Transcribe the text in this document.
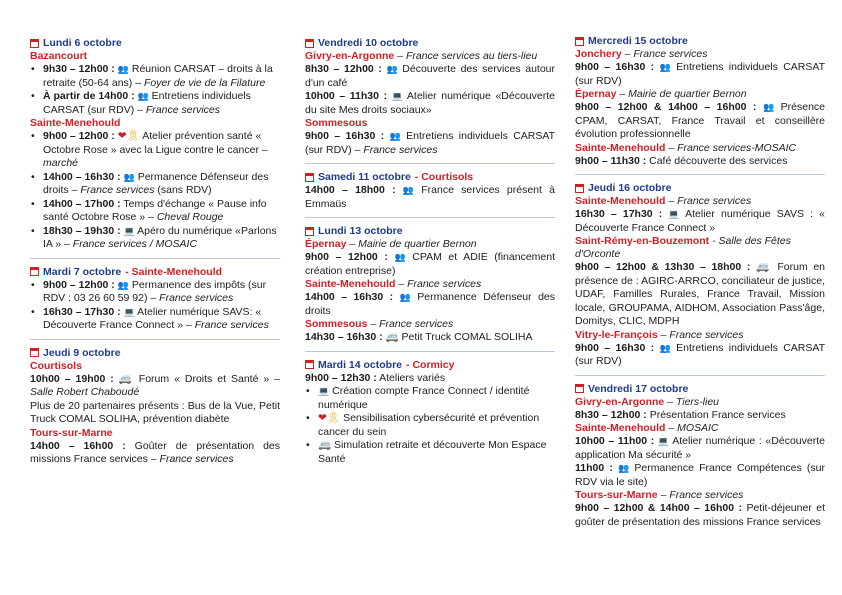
Lundi 6 octobre
Bazancourt
• 9h30 – 12h00 : 👥 Réunion CARSAT – droits à la retraite (50-64 ans) – Foyer de vie de la Filature
• À partir de 14h00 : 👥 Entretiens individuels CARSAT (sur RDV) – France services
Sainte-Menehould
• 9h00 – 12h00 : ❤🎗 Atelier prévention santé « Octobre Rose » avec la Ligue contre le cancer – marché
• 14h00 – 16h30 : 👥 Permanence Défenseur des droits – France services (sans RDV)
• 14h00 – 17h00 : Temps d'échange « Pause info santé Octobre Rose » – Cheval Rouge
• 18h30 – 19h30 : 💻 Apéro du numérique «Parlons IA » – France services / MOSAIC
Mardi 7 octobre - Sainte-Menehould
• 9h00 – 12h00 : 👥 Permanence des impôts (sur RDV : 03 26 60 59 92) – France services
• 16h30 – 17h30 : 💻 Atelier numérique SAVS: « Découverte France Connect » – France services
Jeudi 9 octobre
Courtisols
10h00 – 19h00 : 🚐 Forum « Droits et Santé » – Salle Robert Chaboudé
Plus de 20 partenaires présents : Bus de la Vue, Petit Truck COMAL SOLIHA, prévention diabète
Tours-sur-Marne
14h00 – 16h00 : Goûter de présentation des missions France services – France services
Vendredi 10 octobre
Givry-en-Argonne – France services au tiers-lieu
8h30 – 12h00 : 👥 Découverte des services autour d'un café
10h00 – 11h30 : 💻 Atelier numérique «Découverte du site Mes droits sociaux»
Sommesous
9h00 – 16h30 : 👥 Entretiens individuels CARSAT (sur RDV) – France services
Samedi 11 octobre - Courtisols
14h00 – 18h00 : 👥 France services présent à Emmaüs
Lundi 13 octobre
Épernay – Mairie de quartier Bernon
9h00 – 12h00 : 👥 CPAM et ADIE (financement création entreprise)
Sainte-Menehould – France services
14h00 – 16h30 : 👥 Permanence Défenseur des droits
Sommesous – France services
14h30 – 16h30 : 🚐 Petit Truck COMAL SOLIHA
Mardi 14 octobre - Cormicy
9h00 – 12h30 : Ateliers variés
• 💻 Création compte France Connect / identité numérique
• ❤🎗 Sensibilisation cybersécurité et prévention cancer du sein
• 🚐 Simulation retraite et découverte Mon Espace Santé
Mercredi 15 octobre
Jonchery – France services
9h00 – 16h30 : 👥 Entretiens individuels CARSAT (sur RDV)
Épernay – Mairie de quartier Bernon
9h00 – 12h00 & 14h00 – 16h00 : 👥 Présence CPAM, CARSAT, France Travail et conseillère évolution professionnelle
Sainte-Menehould – France services-MOSAIC
9h00 – 11h30 : Café découverte des services
Jeudi 16 octobre
Sainte-Menehould – France services
16h30 – 17h30 : 💻 Atelier numérique SAVS : « Découverte France Connect »
Saint-Rémy-en-Bouzemont - Salle des Fêtes d'Orconte
9h00 – 12h00 & 13h30 – 18h00 : 🚐 Forum en présence de : AGIRC-ARRCO, conciliateur de justice, UDAF, Familles Rurales, France Travail, Mission locale, GROUPAMA, AIDHOM, Association Pass'âge, Domitys, CLIC, MDPH
Vitry-le-François – France services
9h00 – 16h30 : 👥 Entretiens individuels CARSAT (sur RDV)
Vendredi 17 octobre
Givry-en-Argonne – Tiers-lieu
8h30 – 12h00 : Présentation France services
Sainte-Menehould – MOSAIC
10h00 – 11h00 : 💻 Atelier numérique : «Découverte application Ma sécurité »
11h00 : 👥 Permanence France Compétences (sur RDV via le site)
Tours-sur-Marne – France services
9h00 – 12h00 & 14h00 – 16h00 : Petit-déjeuner et goûter de présentation des missions France services
